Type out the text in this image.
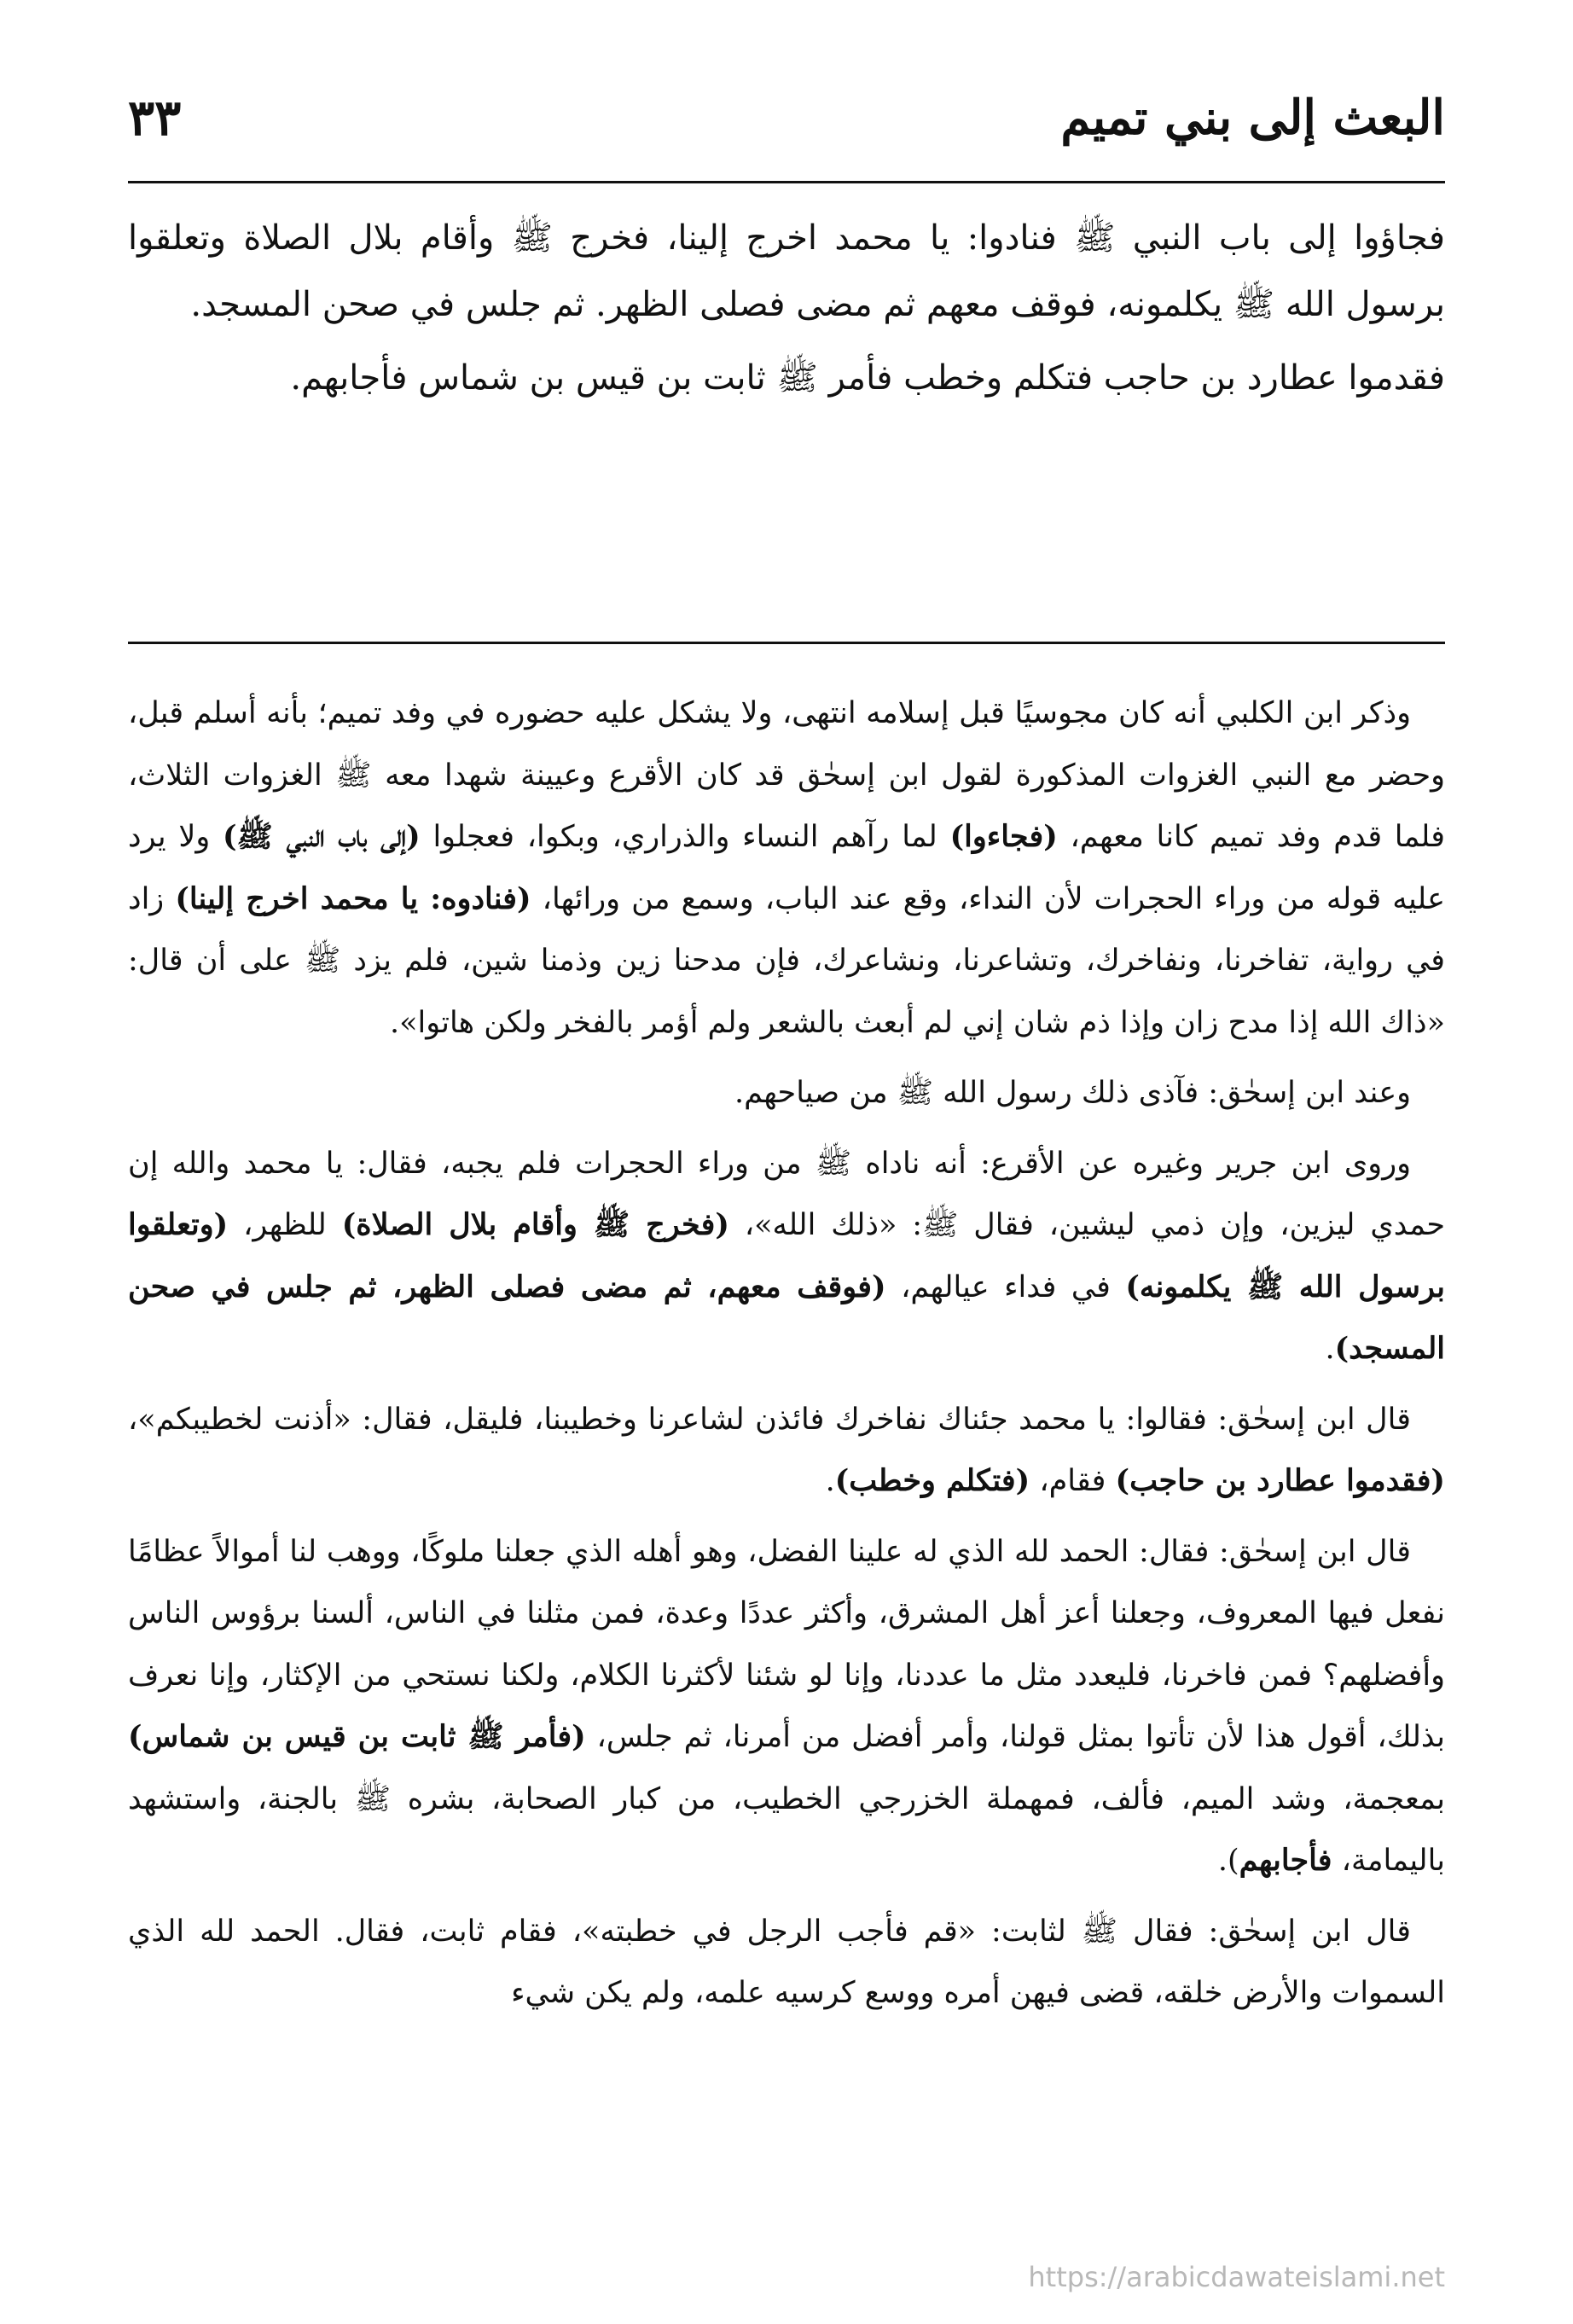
البعث إلى بني تميم
٣٣

فجاؤوا إلى باب النبي ﷺ فنادوا: يا محمد اخرج إلينا، فخرج ﷺ وأقام بلال الصلاة وتعلقوا برسول الله ﷺ يكلمونه، فوقف معهم ثم مضى فصلى الظهر. ثم جلس في صحن المسجد.

فقدموا عطارد بن حاجب فتكلم وخطب فأمر ﷺ ثابت بن قيس بن شماس فأجابهم.

وذكر ابن الكلبي أنه كان مجوسيًا قبل إسلامه انتهى، ولا يشكل عليه حضوره في وفد تميم؛ بأنه أسلم قبل، وحضر مع النبي الغزوات المذكورة لقول ابن إسحٰق قد كان الأقرع وعيينة شهدا معه ﷺ الغزوات الثلاث، فلما قدم وفد تميم كانا معهم، (فجاءوا) لما رآهم النساء والذراري، وبكوا، فعجلوا (إلى باب النبي ﷺ) ولا يرد عليه قوله من وراء الحجرات لأن النداء، وقع عند الباب، وسمع من ورائها، (فنادوه: يا محمد اخرج إلينا) زاد في رواية، تفاخرنا، ونفاخرك، وتشاعرنا، ونشاعرك، فإن مدحنا زين وذمنا شين، فلم يزد ﷺ على أن قال: «ذاك الله إذا مدح زان وإذا ذم شان إني لم أبعث بالشعر ولم أؤمر بالفخر ولكن هاتوا».

وعند ابن إسحٰق: فآذى ذلك رسول الله ﷺ من صياحهم.

وروى ابن جرير وغيره عن الأقرع: أنه ناداه ﷺ من وراء الحجرات فلم يجبه، فقال: يا محمد والله إن حمدي ليزين، وإن ذمي ليشين، فقال ﷺ: «ذلك الله»، (فخرج ﷺ وأقام بلال الصلاة) للظهر، (وتعلقوا برسول الله ﷺ يكلمونه) في فداء عيالهم، (فوقف معهم، ثم مضى فصلى الظهر، ثم جلس في صحن المسجد).

قال ابن إسحٰق: فقالوا: يا محمد جئناك نفاخرك فائذن لشاعرنا وخطيبنا، فليقل، فقال: «أذنت لخطيبكم»، (فقدموا عطارد بن حاجب) فقام، (فتكلم وخطب).

قال ابن إسحٰق: فقال: الحمد لله الذي له علينا الفضل، وهو أهله الذي جعلنا ملوكًا، ووهب لنا أموالاً عظامًا نفعل فيها المعروف، وجعلنا أعز أهل المشرق، وأكثر عددًا وعدة، فمن مثلنا في الناس، ألسنا برؤوس الناس وأفضلهم؟ فمن فاخرنا، فليعدد مثل ما عددنا، وإنا لو شئنا لأكثرنا الكلام، ولكنا نستحي من الإكثار، وإنا نعرف بذلك، أقول هذا لأن تأتوا بمثل قولنا، وأمر أفضل من أمرنا، ثم جلس، (فأمر ﷺ ثابت بن قيس بن شماس) بمعجمة، وشد الميم، فألف، فمهملة الخزرجي الخطيب، من كبار الصحابة، بشره ﷺ بالجنة، واستشهد باليمامة، فأجابهم).

قال ابن إسحٰق: فقال ﷺ لثابت: «قم فأجب الرجل في خطبته»، فقام ثابت، فقال. الحمد لله الذي السموات والأرض خلقه، قضى فيهن أمره ووسع كرسيه علمه، ولم يكن شيء

https://arabicdawateislami.net
